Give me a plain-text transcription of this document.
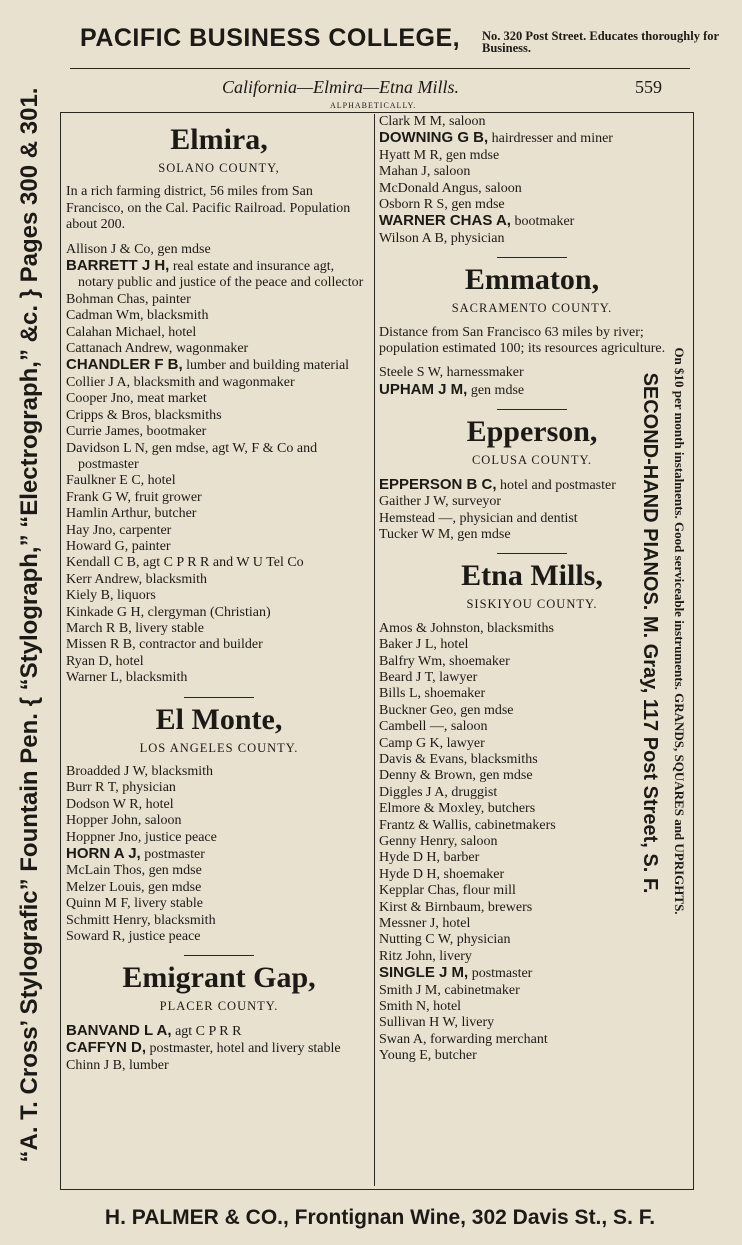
PACIFIC BUSINESS COLLEGE, No. 320 Post Street. Educates thoroughly for Business.
“A. T. Cross’ Stylografic” Fountain Pen. { “Stylograph,” “Electrograph,” &c. } Pages 300 & 301.	SECOND-HAND PIANOS. M. Gray, 117 Post Street, S. F. On $10 per month instalments. Good serviceable instruments. GRANDS, SQUARES and UPRIGHTS.
California—Elmira—Etna Mills.	559
ALPHABETICALLY.
Elmira,
SOLANO COUNTY,
In a rich farming district, 56 miles from San Francisco, on the Cal. Pacific Railroad. Population about 200.
Allison J & Co, gen mdse
BARRETT J H, real estate and insurance agt, notary public and justice of the peace and collector
Bohman Chas, painter
Cadman Wm, blacksmith
Calahan Michael, hotel
Cattanach Andrew, wagonmaker
CHANDLER F B, lumber and building material
Collier J A, blacksmith and wagonmaker
Cooper Jno, meat market
Cripps & Bros, blacksmiths
Currie James, bootmaker
Davidson L N, gen mdse, agt W, F & Co and postmaster
Faulkner E C, hotel
Frank G W, fruit grower
Hamlin Arthur, butcher
Hay Jno, carpenter
Howard G, painter
Kendall C B, agt C P R R and W U Tel Co
Kerr Andrew, blacksmith
Kiely B, liquors
Kinkade G H, clergyman (Christian)
March R B, livery stable
Missen R B, contractor and builder
Ryan D, hotel
Warner L, blacksmith
El Monte,
LOS ANGELES COUNTY.
Broadded J W, blacksmith
Burr R T, physician
Dodson W R, hotel
Hopper John, saloon
Hoppner Jno, justice peace
HORN A J, postmaster
McLain Thos, gen mdse
Melzer Louis, gen mdse
Quinn M F, livery stable
Schmitt Henry, blacksmith
Soward R, justice peace
Emigrant Gap,
PLACER COUNTY.
BANVAND L A, agt C P R R
CAFFYN D, postmaster, hotel and livery stable
Chinn J B, lumber
Clark M M, saloon
DOWNING G B, hairdresser and miner
Hyatt M R, gen mdse
Mahan J, saloon
McDonald Angus, saloon
Osborn R S, gen mdse
WARNER CHAS A, bootmaker
Wilson A B, physician
Emmaton,
SACRAMENTO COUNTY.
Distance from San Francisco 63 miles by river; population estimated 100; its resources agriculture.
Steele S W, harnessmaker
UPHAM J M, gen mdse
Epperson,
COLUSA COUNTY.
EPPERSON B C, hotel and postmaster
Gaither J W, surveyor
Hemstead —, physician and dentist
Tucker W M, gen mdse
Etna Mills,
SISKIYOU COUNTY.
Amos & Johnston, blacksmiths
Baker J L, hotel
Balfry Wm, shoemaker
Beard J T, lawyer
Bills L, shoemaker
Buckner Geo, gen mdse
Cambell —, saloon
Camp G K, lawyer
Davis & Evans, blacksmiths
Denny & Brown, gen mdse
Diggles J A, druggist
Elmore & Moxley, butchers
Frantz & Wallis, cabinetmakers
Genny Henry, saloon
Hyde D H, barber
Hyde D H, shoemaker
Kepplar Chas, flour mill
Kirst & Birnbaum, brewers
Messner J, hotel
Nutting C W, physician
Ritz John, livery
SINGLE J M, postmaster
Smith J M, cabinetmaker
Smith N, hotel
Sullivan H W, livery
Swan A, forwarding merchant
Young E, butcher
H. PALMER & CO., Frontignan Wine, 302 Davis St., S. F.
